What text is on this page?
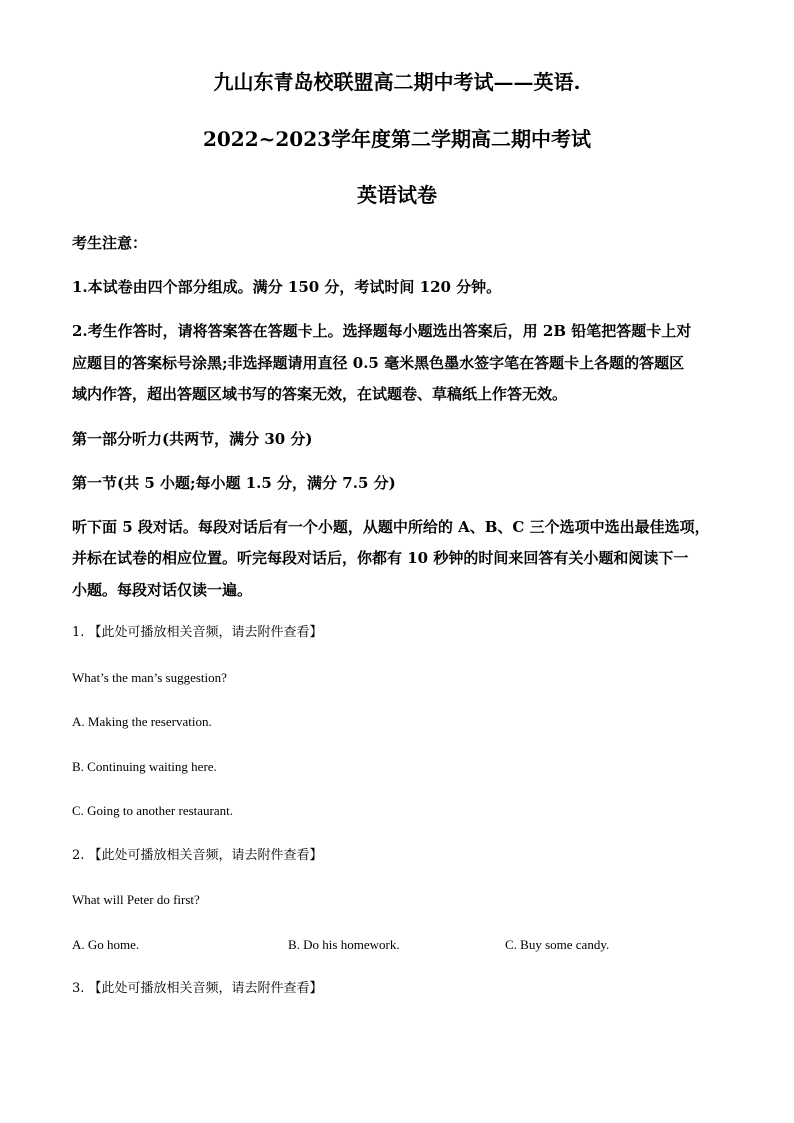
九山东青岛校联盟高二期中考试——英语.
2022~2023学年度第二学期高二期中考试
英语试卷
考生注意：
1.本试卷由四个部分组成。满分 150 分，考试时间 120 分钟。
2.考生作答时，请将答案答在答题卡上。选择题每小题选出答案后，用 2B 铅笔把答题卡上对
应题目的答案标号涂黑;非选择题请用直径 0.5 毫米黑色墨水签字笔在答题卡上各题的答题区
域内作答，超出答题区域书写的答案无效，在试题卷、草稿纸上作答无效。
第一部分听力(共两节，满分 30 分)
第一节(共 5 小题;每小题 1.5 分，满分 7.5 分)
听下面 5 段对话。每段对话后有一个小题，从题中所给的 A、B、C 三个选项中选出最佳选项，
并标在试卷的相应位置。听完每段对话后，你都有 10 秒钟的时间来回答有关小题和阅读下一
小题。每段对话仅读一遍。
1. 【此处可播放相关音频，请去附件查看】
What’s the man’s suggestion?
A. Making the reservation.
B. Continuing waiting here.
C. Going to another restaurant.
2. 【此处可播放相关音频，请去附件查看】
What will Peter do first?
A. Go home.	B. Do his homework.	C. Buy some candy.
3. 【此处可播放相关音频，请去附件查看】
